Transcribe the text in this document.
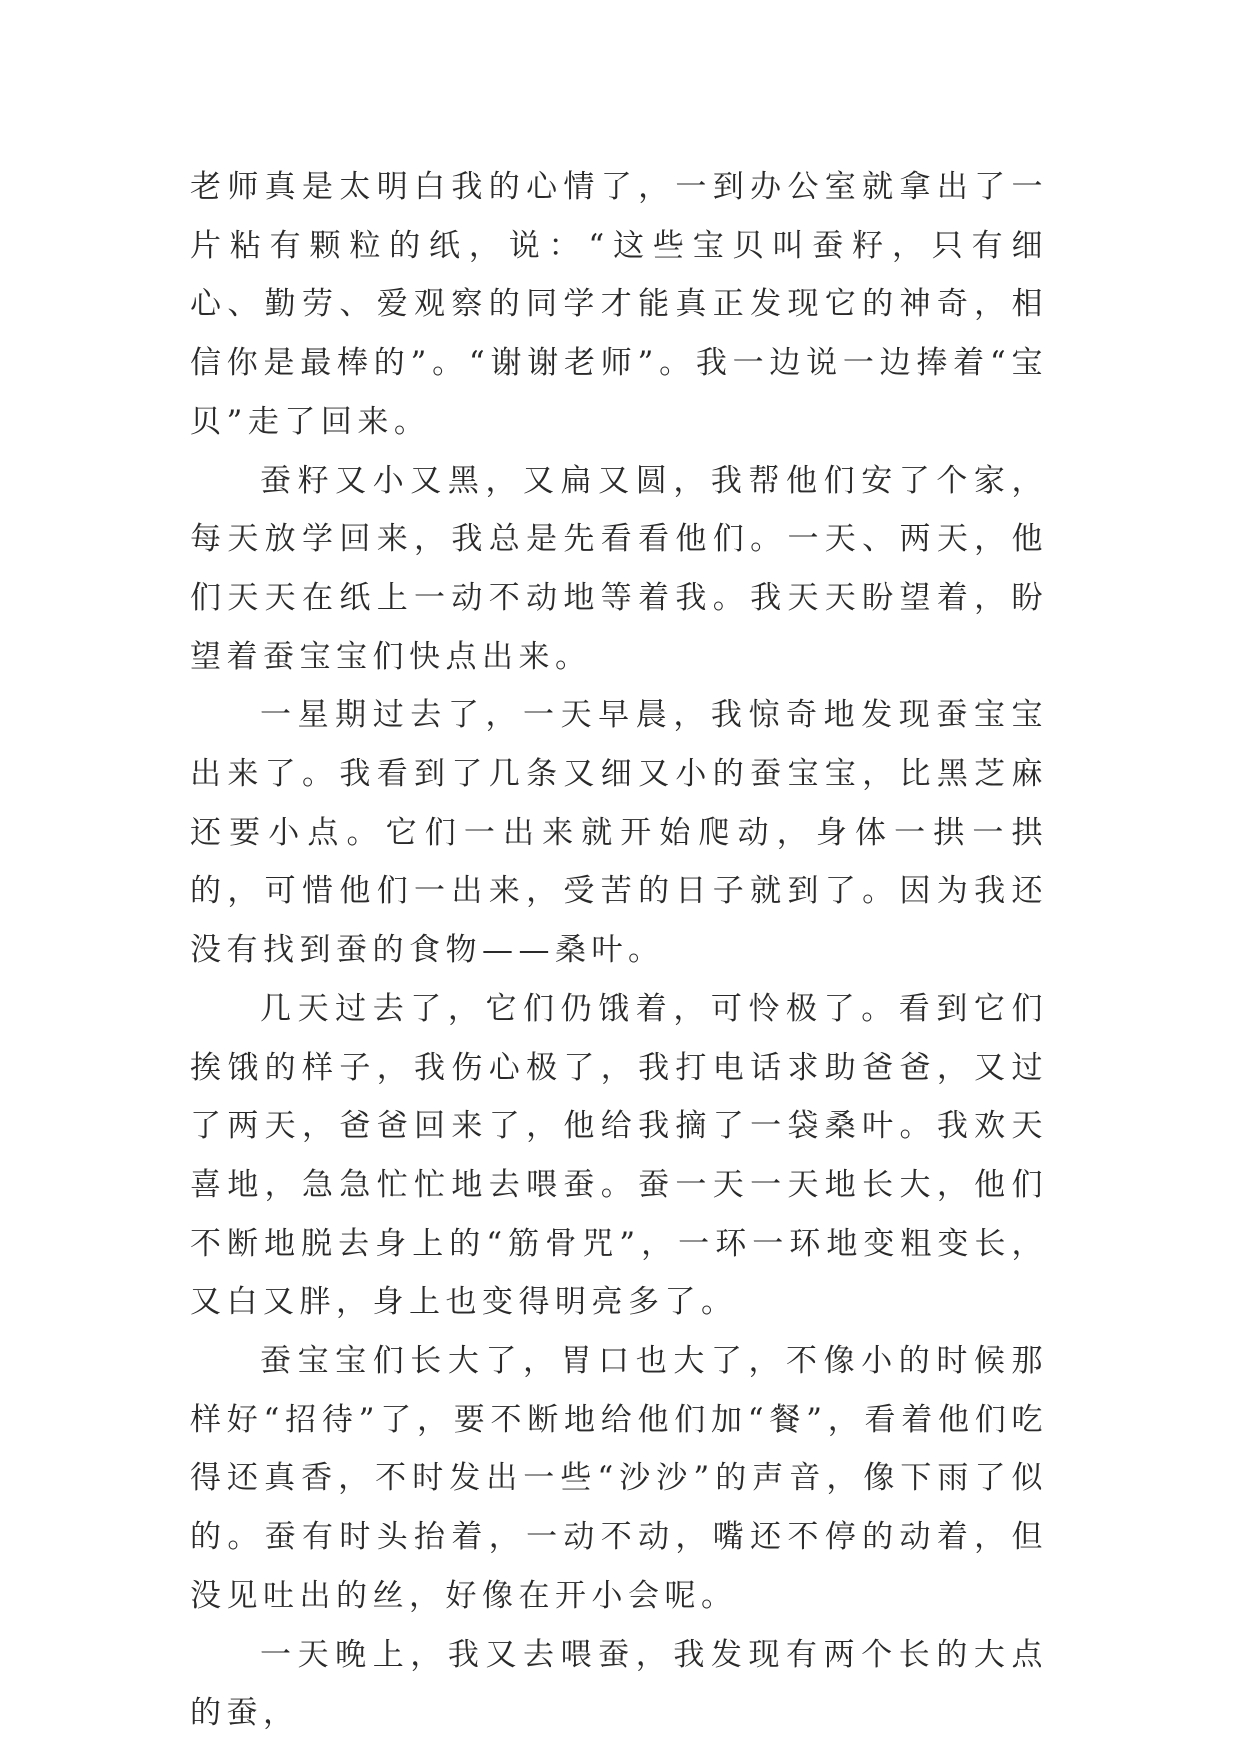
老师真是太明白我的心情了，一到办公室就拿出了一片粘有颗粒的纸，说：“这些宝贝叫蚕籽，只有细心、勤劳、爱观察的同学才能真正发现它的神奇，相信你是最棒的”。“谢谢老师”。我一边说一边捧着“宝贝”走了回来。

蚕籽又小又黑，又扁又圆，我帮他们安了个家，每天放学回来，我总是先看看他们。一天、两天，他们天天在纸上一动不动地等着我。我天天盼望着，盼望着蚕宝宝们快点出来。

一星期过去了，一天早晨，我惊奇地发现蚕宝宝出来了。我看到了几条又细又小的蚕宝宝，比黑芝麻还要小点。它们一出来就开始爬动，身体一拱一拱的，可惜他们一出来，受苦的日子就到了。因为我还没有找到蚕的食物——桑叶。

几天过去了，它们仍饿着，可怜极了。看到它们挨饿的样子，我伤心极了，我打电话求助爸爸，又过了两天，爸爸回来了，他给我摘了一袋桑叶。我欢天喜地，急急忙忙地去喂蚕。蚕一天一天地长大，他们不断地脱去身上的“筋骨咒”，一环一环地变粗变长，又白又胖，身上也变得明亮多了。

蚕宝宝们长大了，胃口也大了，不像小的时候那样好“招待”了，要不断地给他们加“餐”，看着他们吃得还真香，不时发出一些“沙沙”的声音，像下雨了似的。蚕有时头抬着，一动不动，嘴还不停的动着，但没见吐出的丝，好像在开小会呢。

一天晚上，我又去喂蚕，我发现有两个长的大点的蚕，
